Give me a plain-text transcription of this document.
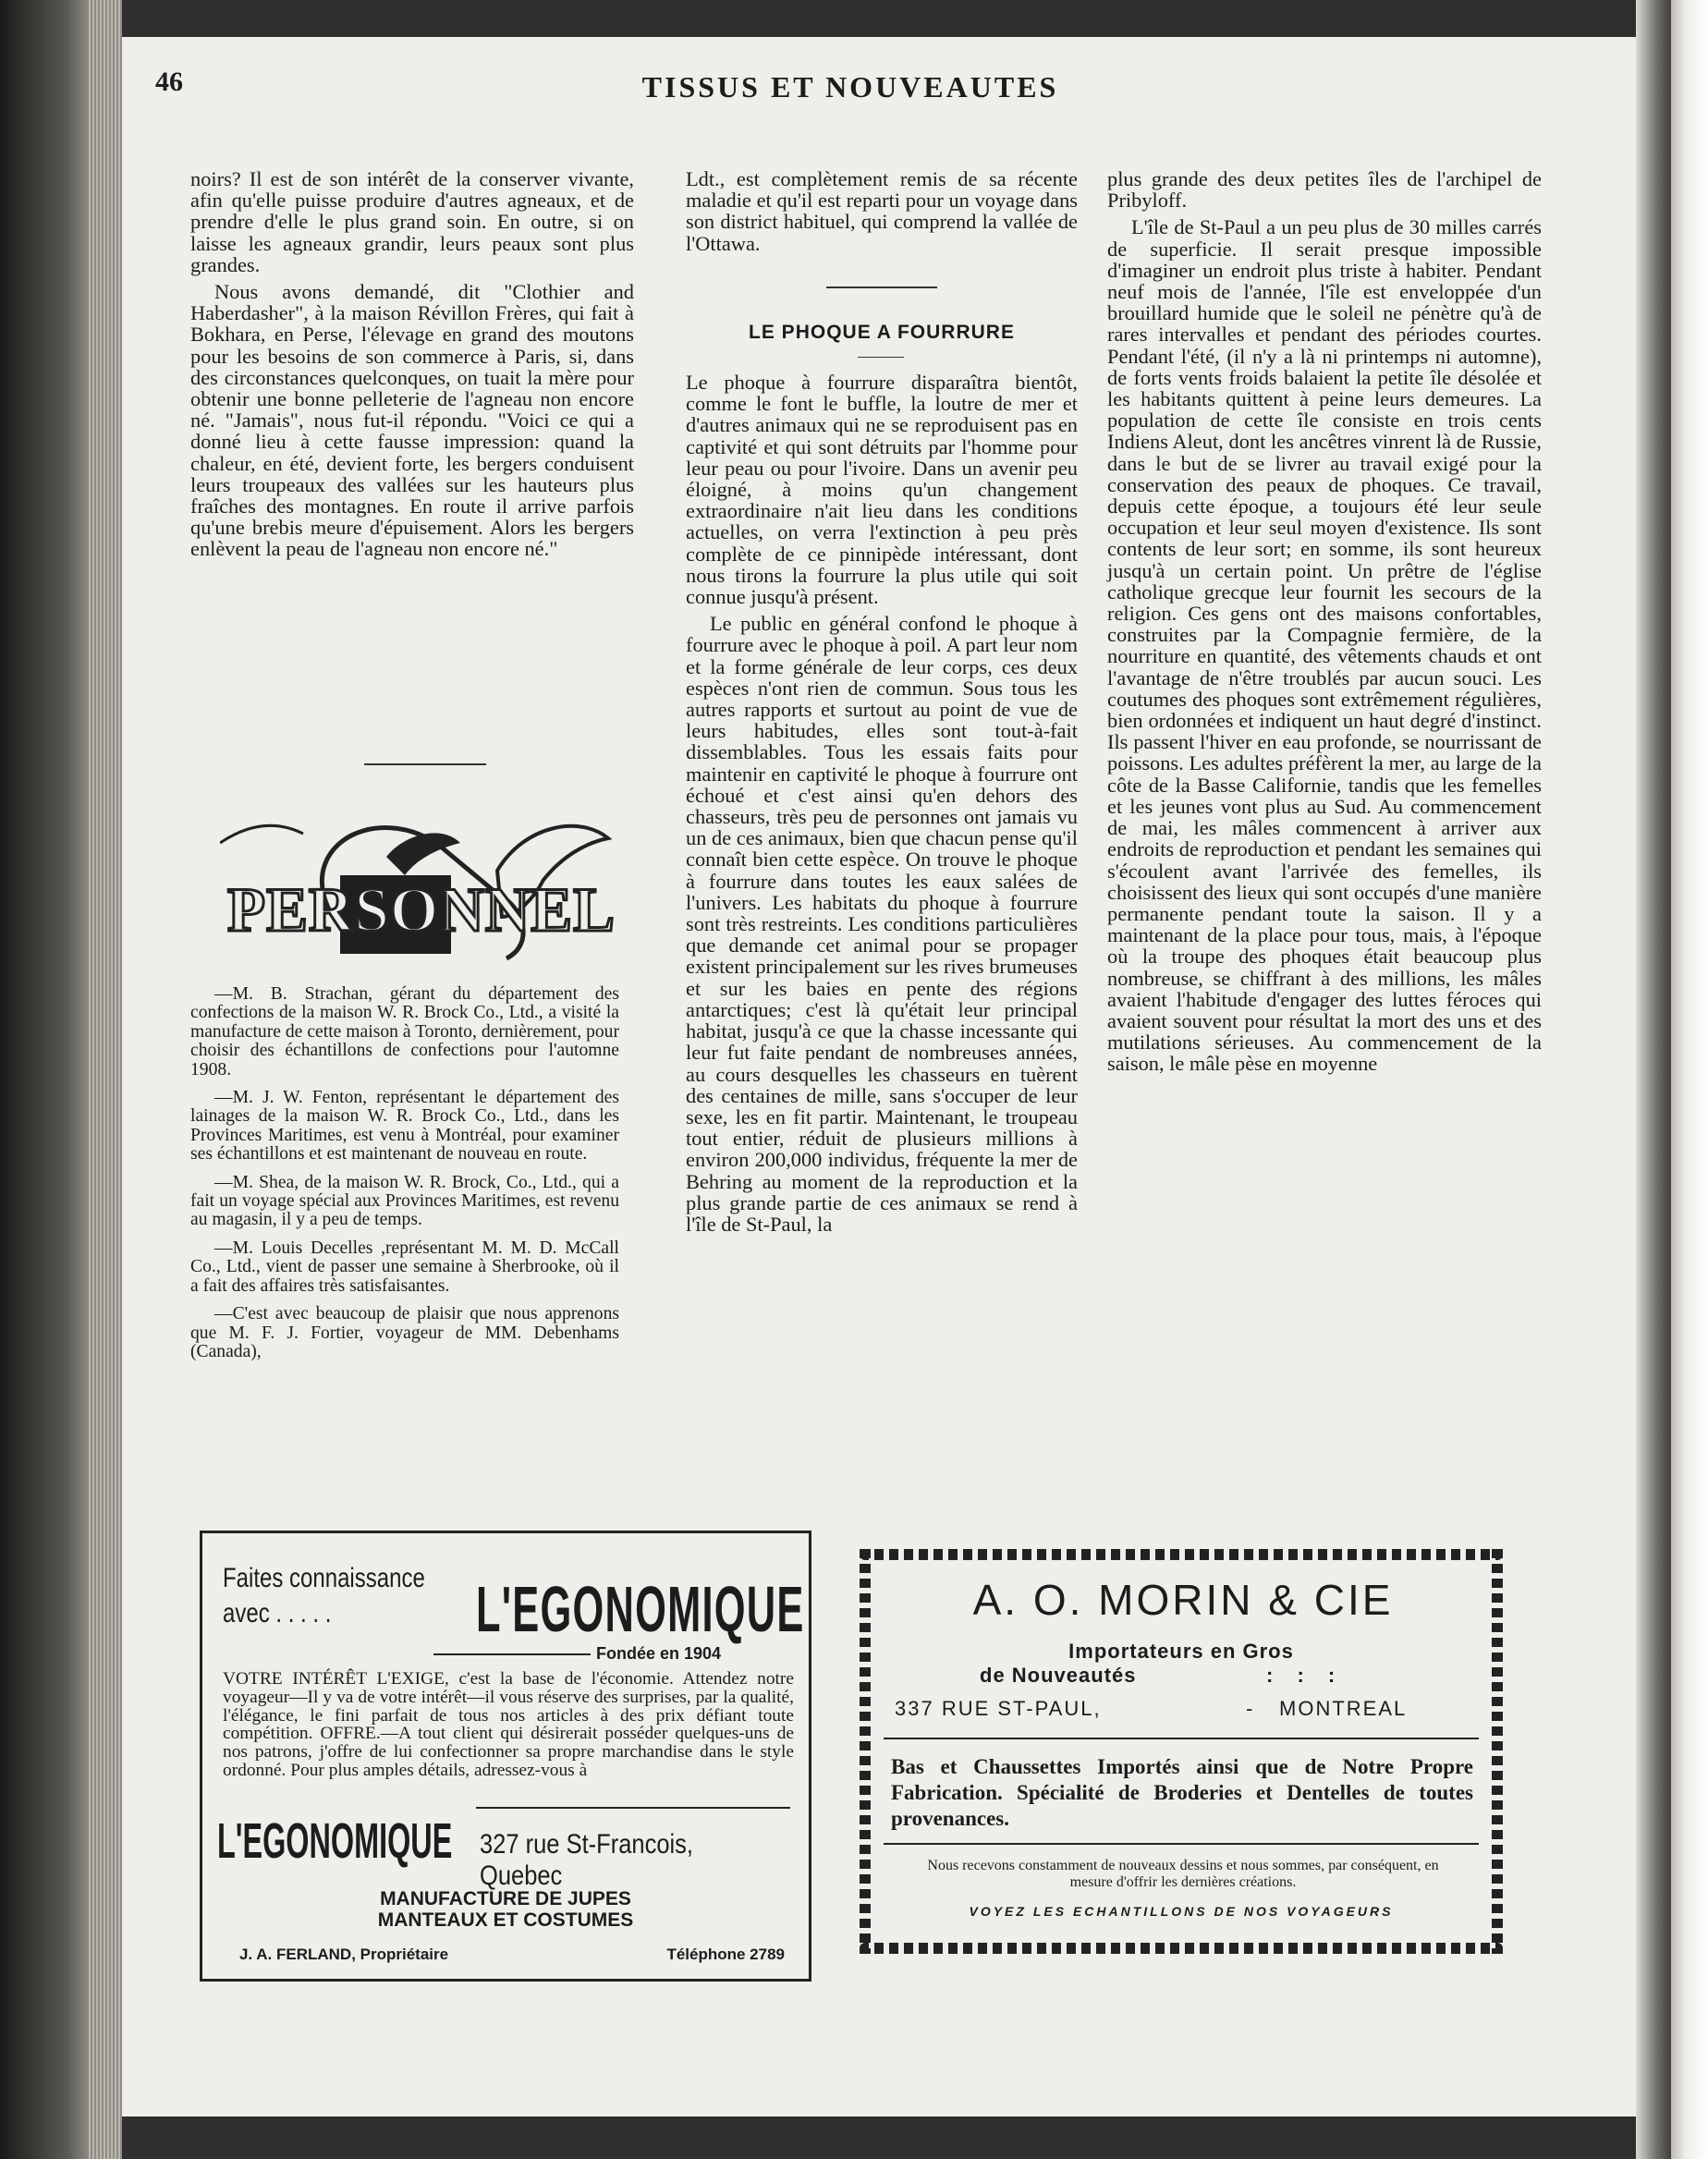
46	TISSUS ET NOUVEAUTES

noirs? Il est de son intérêt de la conserver vivante, afin qu'elle puisse produire d'autres agneaux, et de prendre d'elle le plus grand soin. En outre, si on laisse les agneaux grandir, leurs peaux sont plus grandes.

Nous avons demandé, dit "Clothier and Haberdasher", à la maison Révillon Frères, qui fait à Bokhara, en Perse, l'élevage en grand des moutons pour les besoins de son commerce à Paris, si, dans des circonstances quelconques, on tuait la mère pour obtenir une bonne pelleterie de l'agneau non encore né. "Jamais", nous fut-il répondu. "Voici ce qui a donné lieu à cette fausse impression: quand la chaleur, en été, devient forte, les bergers conduisent leurs troupeaux des vallées sur les hauteurs plus fraîches des montagnes. En route il arrive parfois qu'une brebis meure d'épuisement. Alors les bergers enlèvent la peau de l'agneau non encore né."

PERSONNEL

—M. B. Strachan, gérant du département des confections de la maison W. R. Brock Co., Ltd., a visité la manufacture de cette maison à Toronto, dernièrement, pour choisir des échantillons de confections pour l'automne 1908.

—M. J. W. Fenton, représentant le département des lainages de la maison W. R. Brock Co., Ltd., dans les Provinces Maritimes, est venu à Montréal, pour examiner ses échantillons et est maintenant de nouveau en route.

—M. Shea, de la maison W. R. Brock, Co., Ltd., qui a fait un voyage spécial aux Provinces Maritimes, est revenu au magasin, il y a peu de temps.

—M. Louis Decelles ,représentant M. M. D. McCall Co., Ltd., vient de passer une semaine à Sherbrooke, où il a fait des affaires très satisfaisantes.

—C'est avec beaucoup de plaisir que nous apprenons que M. F. J. Fortier, voyageur de MM. Debenhams (Canada),

Ldt., est complètement remis de sa récente maladie et qu'il est reparti pour un voyage dans son district habituel, qui comprend la vallée de l'Ottawa.

LE PHOQUE A FOURRURE

Le phoque à fourrure disparaîtra bientôt, comme le font le buffle, la loutre de mer et d'autres animaux qui ne se reproduisent pas en captivité et qui sont détruits par l'homme pour leur peau ou pour l'ivoire. Dans un avenir peu éloigné, à moins qu'un changement extraordinaire n'ait lieu dans les conditions actuelles, on verra l'extinction à peu près complète de ce pinnipède intéressant, dont nous tirons la fourrure la plus utile qui soit connue jusqu'à présent.

Le public en général confond le phoque à fourrure avec le phoque à poil. A part leur nom et la forme générale de leur corps, ces deux espèces n'ont rien de commun. Sous tous les autres rapports et surtout au point de vue de leurs habitudes, elles sont tout-à-fait dissemblables. Tous les essais faits pour maintenir en captivité le phoque à fourrure ont échoué et c'est ainsi qu'en dehors des chasseurs, très peu de personnes ont jamais vu un de ces animaux, bien que chacun pense qu'il connaît bien cette espèce. On trouve le phoque à fourrure dans toutes les eaux salées de l'univers. Les habitats du phoque à fourrure sont très restreints. Les conditions particulières que demande cet animal pour se propager existent principalement sur les rives brumeuses et sur les baies en pente des régions antarctiques; c'est là qu'était leur principal habitat, jusqu'à ce que la chasse incessante qui leur fut faite pendant de nombreuses années, au cours desquelles les chasseurs en tuèrent des centaines de mille, sans s'occuper de leur sexe, les en fit partir. Maintenant, le troupeau tout entier, réduit de plusieurs millions à environ 200,000 individus, fréquente la mer de Behring au moment de la reproduction et la plus grande partie de ces animaux se rend à l'île de St-Paul, la

plus grande des deux petites îles de l'archipel de Pribyloff.

L'île de St-Paul a un peu plus de 30 milles carrés de superficie. Il serait presque impossible d'imaginer un endroit plus triste à habiter. Pendant neuf mois de l'année, l'île est enveloppée d'un brouillard humide que le soleil ne pénètre qu'à de rares intervalles et pendant des périodes courtes. Pendant l'été, (il n'y a là ni printemps ni automne), de forts vents froids balaient la petite île désolée et les habitants quittent à peine leurs demeures. La population de cette île consiste en trois cents Indiens Aleut, dont les ancêtres vinrent là de Russie, dans le but de se livrer au travail exigé pour la conservation des peaux de phoques. Ce travail, depuis cette époque, a toujours été leur seule occupation et leur seul moyen d'existence. Ils sont contents de leur sort; en somme, ils sont heureux jusqu'à un certain point. Un prêtre de l'église catholique grecque leur fournit les secours de la religion. Ces gens ont des maisons confortables, construites par la Compagnie fermière, de la nourriture en quantité, des vêtements chauds et ont l'avantage de n'être troublés par aucun souci. Les coutumes des phoques sont extrêmement régulières, bien ordonnées et indiquent un haut degré d'instinct. Ils passent l'hiver en eau profonde, se nourrissant de poissons. Les adultes préfèrent la mer, au large de la côte de la Basse Californie, tandis que les femelles et les jeunes vont plus au Sud. Au commencement de mai, les mâles commencent à arriver aux endroits de reproduction et pendant les semaines qui s'écoulent avant l'arrivée des femelles, ils choisissent des lieux qui sont occupés d'une manière permanente pendant toute la saison. Il y a maintenant de la place pour tous, mais, à l'époque où la troupe des phoques était beaucoup plus nombreuse, se chiffrant à des millions, les mâles avaient l'habitude d'engager des luttes féroces qui avaient souvent pour résultat la mort des uns et des mutilations sérieuses. Au commencement de la saison, le mâle pèse en moyenne

Faites connaissance
avec . . . . . L'EGONOMIQUE
Fondée en 1904
VOTRE INTÉRÊT L'EXIGE, c'est la base de l'économie. Attendez notre voyageur—Il y va de votre intérêt—il vous réserve des surprises, par la qualité, l'élégance, le fini parfait de tous nos articles à des prix défiant toute compétition. OFFRE.—A tout client qui désirerait posséder quelques-uns de nos patrons, j'offre de lui confectionner sa propre marchandise dans le style ordonné. Pour plus amples détails, adressez-vous à
L'EGONOMIQUE 327 rue St-Francois, Quebec
MANUFACTURE DE JUPES
MANTEAUX ET COSTUMES
J. A. FERLAND, Propriétaire	Téléphone 2789
A. O. MORIN & CIE
Importateurs en Gros
de Nouveautés	: : :
337 RUE ST-PAUL,	- MONTREAL
Bas et Chaussettes Importés ainsi que de Notre Propre Fabrication. Spécialité de Broderies et Dentelles de toutes provenances.
Nous recevons constamment de nouveaux dessins et nous sommes, par conséquent, en mesure d'offrir les dernières créations.
VOYEZ LES ECHANTILLONS DE NOS VOYAGEURS
